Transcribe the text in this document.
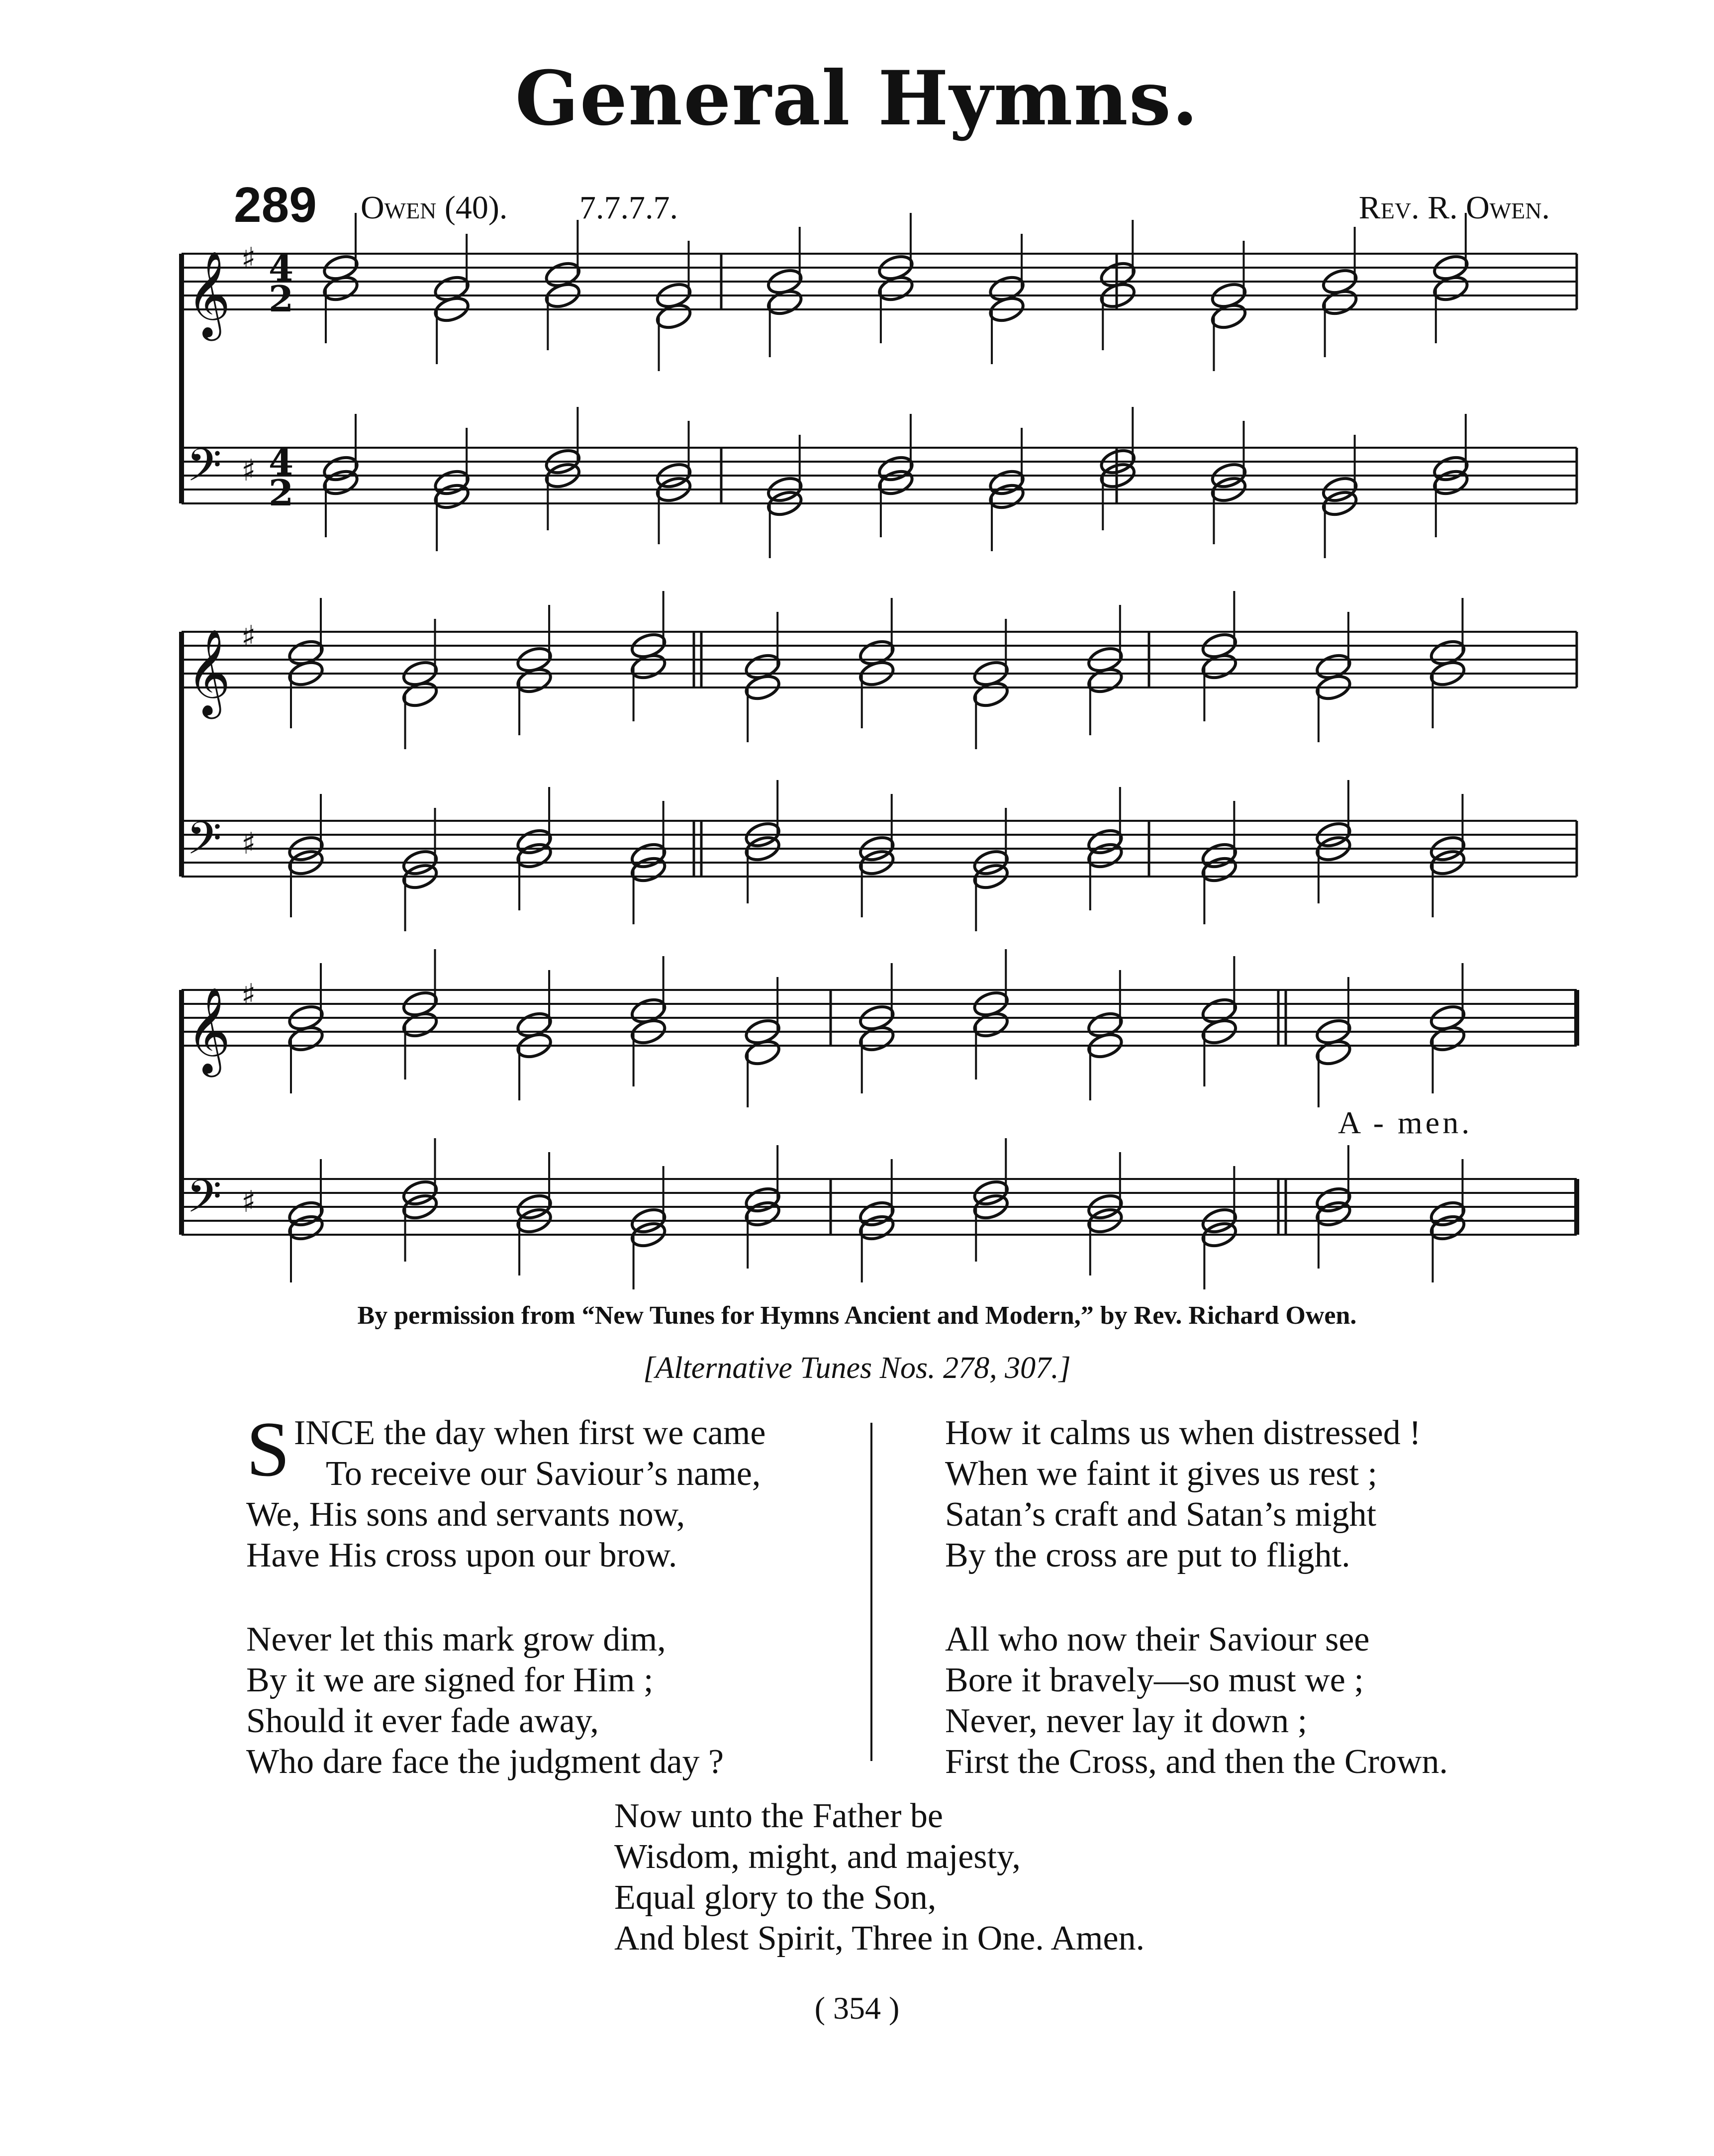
General Hymns.
289 Owen (40). 7.7.7.7.	Rev. R. Owen.
𝄞 ♯ 4
2
𝄢 ♯ 4
2
𝄞 ♯
𝄢 ♯
𝄞 ♯
𝄢 ♯
A - men.
By permission from “New Tunes for Hymns Ancient and Modern,” by Rev. Richard Owen.
[Alternative Tunes Nos. 278, 307.]
S INCE the day when first we came
To receive our Saviour’s name,
We, His sons and servants now,
Have His cross upon our brow.
Never let this mark grow dim,
By it we are signed for Him ;
Should it ever fade away,
Who dare face the judgment day ?
How it calms us when distressed !
When we faint it gives us rest ;
Satan’s craft and Satan’s might
By the cross are put to flight.
All who now their Saviour see
Bore it bravely—so must we ;
Never, never lay it down ;
First the Cross, and then the Crown.
Now unto the Father be
Wisdom, might, and majesty,
Equal glory to the Son,
And blest Spirit, Three in One. Amen.
( 354 )
